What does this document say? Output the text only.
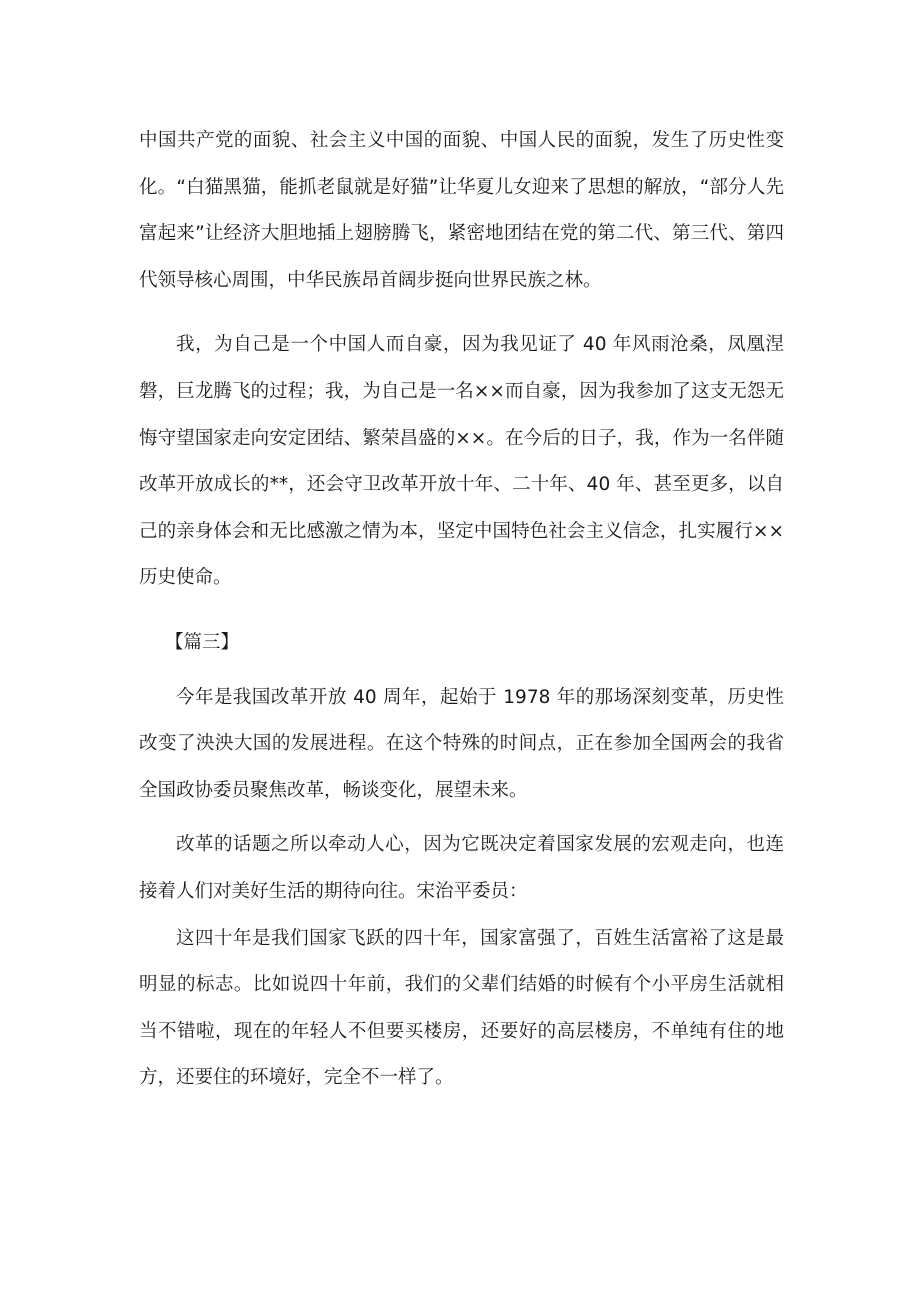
中国共产党的面貌、社会主义中国的面貌、中国人民的面貌，发生了历史性变化。“白猫黑猫，能抓老鼠就是好猫”让华夏儿女迎来了思想的解放，“部分人先富起来”让经济大胆地插上翅膀腾飞，紧密地团结在党的第二代、第三代、第四代领导核心周围，中华民族昂首阔步挺向世界民族之林。

我，为自己是一个中国人而自豪，因为我见证了 40 年风雨沧桑，凤凰涅磐，巨龙腾飞的过程；我，为自己是一名××而自豪，因为我参加了这支无怨无悔守望国家走向安定团结、繁荣昌盛的××。在今后的日子，我，作为一名伴随改革开放成长的**，还会守卫改革开放十年、二十年、40 年、甚至更多，以自己的亲身体会和无比感激之情为本，坚定中国特色社会主义信念，扎实履行××历史使命。

【篇三】

今年是我国改革开放 40 周年，起始于 1978 年的那场深刻变革，历史性改变了泱泱大国的发展进程。在这个特殊的时间点，正在参加全国两会的我省全国政协委员聚焦改革，畅谈变化，展望未来。

改革的话题之所以牵动人心，因为它既决定着国家发展的宏观走向，也连接着人们对美好生活的期待向往。宋治平委员：

这四十年是我们国家飞跃的四十年，国家富强了，百姓生活富裕了这是最明显的标志。比如说四十年前，我们的父辈们结婚的时候有个小平房生活就相当不错啦，现在的年轻人不但要买楼房，还要好的高层楼房，不单纯有住的地方，还要住的环境好，完全不一样了。
